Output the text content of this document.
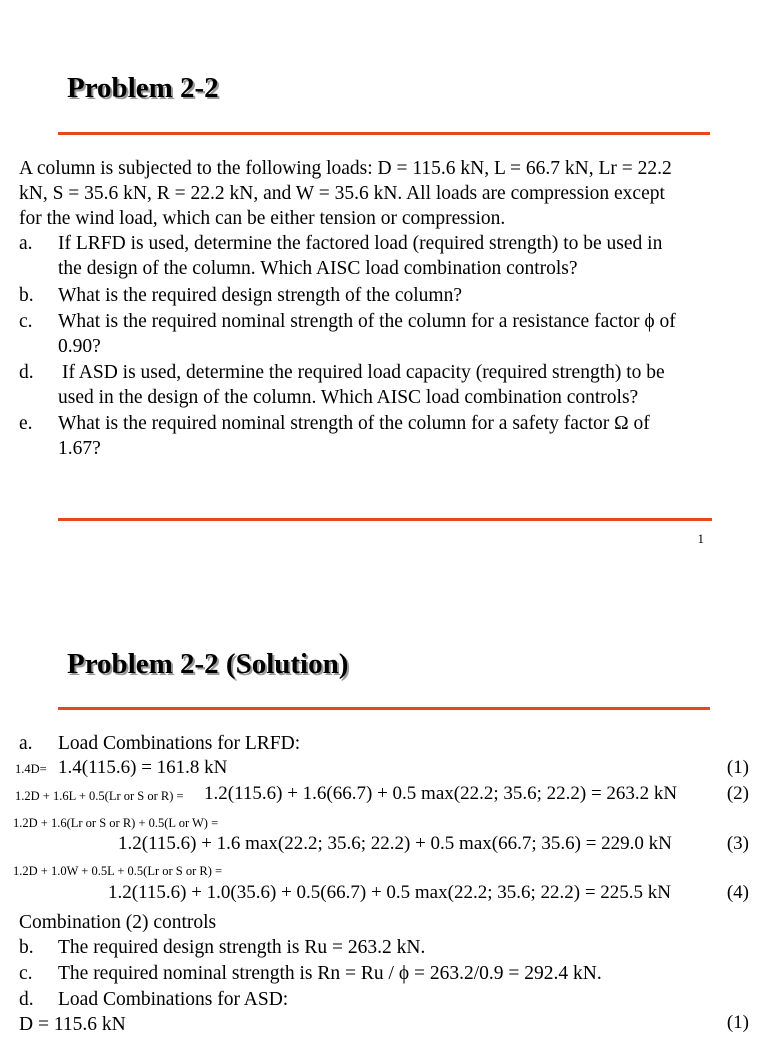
Problem 2-2
A column is subjected to the following loads: D = 115.6 kN, L = 66.7 kN, Lr = 22.2
kN, S = 35.6 kN, R = 22.2 kN, and W = 35.6 kN. All loads are compression except
for the wind load, which can be either tension or compression.
a. If LRFD is used, determine the factored load (required strength) to be used in
the design of the column. Which AISC load combination controls?
b. What is the required design strength of the column?
c. What is the required nominal strength of the column for a resistance factor ϕ of
0.90?
d. If ASD is used, determine the required load capacity (required strength) to be
used in the design of the column. Which AISC load combination controls?
e. What is the required nominal strength of the column for a safety factor Ω of
1.67?
1
Problem 2-2 (Solution)
a. Load Combinations for LRFD:
1.4D= 1.4(115.6) = 161.8 kN	(1)
1.2D + 1.6L + 0.5(Lr or S or R) = 1.2(115.6) + 1.6(66.7) + 0.5 max(22.2; 35.6; 22.2) = 263.2 kN	(2)
1.2D + 1.6(Lr or S or R) + 0.5(L or W) =
1.2(115.6) + 1.6 max(22.2; 35.6; 22.2) + 0.5 max(66.7; 35.6) = 229.0 kN	(3)
1.2D + 1.0W + 0.5L + 0.5(Lr or S or R) =
1.2(115.6) + 1.0(35.6) + 0.5(66.7) + 0.5 max(22.2; 35.6; 22.2) = 225.5 kN	(4)
Combination (2) controls
b. The required design strength is Ru = 263.2 kN.
c. The required nominal strength is Rn = Ru / ϕ = 263.2/0.9 = 292.4 kN.
d. Load Combinations for ASD:
D = 115.6 kN	(1)
